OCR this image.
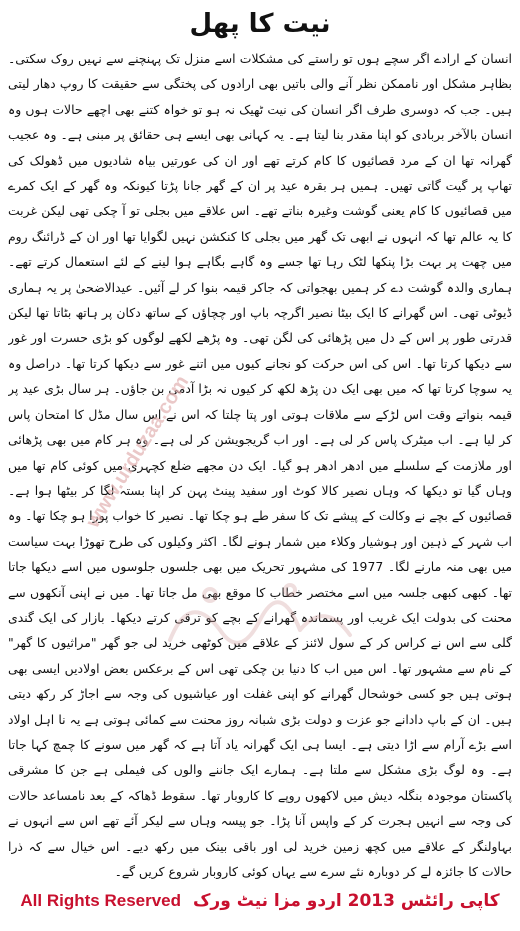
نیت کا پھل

انسان کے ارادے اگر سچے ہوں تو راستے کی مشکلات اسے منزل تک پہنچنے سے نہیں روک سکتی۔ بظاہر مشکل اور ناممکن نظر آنے والی باتیں بھی ارادوں کی پختگی سے حقیقت کا روپ دھار لیتی ہیں۔ جب کہ دوسری طرف اگر انسان کی نیت ٹھیک نہ ہو تو خواہ کتنے بھی اچھے حالات ہوں وہ انسان بالآخر بربادی کو اپنا مقدر بنا لیتا ہے۔ یہ کہانی بھی ایسے ہی حقائق پر مبنی ہے۔ وہ عجیب گھرانہ تھا ان کے مرد قصائیوں کا کام کرتے تھے اور ان کی عورتیں بیاہ شادیوں میں ڈھولک کی تھاپ پر گیت گاتی تھیں۔ ہمیں ہر بقرہ عید پر ان کے گھر جانا پڑتا کیونکہ وہ گھر کے ایک کمرے میں قصائیوں کا کام یعنی گوشت وغیرہ بناتے تھے۔ اس علاقے میں بجلی تو آ چکی تھی لیکن غربت کا یہ عالم تھا کہ انہوں نے ابھی تک گھر میں بجلی کا کنکشن نہیں لگوایا تھا اور ان کے ڈرائنگ روم میں چھت پر بہت بڑا پنکھا لٹک رہا تھا جسے وہ گاہے بگاہے ہوا لینے کے لئے استعمال کرتے تھے۔ ہماری والدہ گوشت دے کر ہمیں بھجواتی کہ جاکر قیمہ بنوا کر لے آئیں۔ عیدالاضحیٰ پر یہ ہماری ڈیوٹی تھی۔ اس گھرانے کا ایک بیٹا نصیر اگرچہ باپ اور چچاؤں کے ساتھ دکان پر ہاتھ بٹاتا تھا لیکن قدرتی طور پر اس کے دل میں پڑھائی کی لگن تھی۔ وہ پڑھے لکھے لوگوں کو بڑی حسرت اور غور سے دیکھا کرتا تھا۔ اس کی اس حرکت کو نجانے کیوں میں اتنے غور سے دیکھا کرتا تھا۔ دراصل وہ یہ سوچا کرتا تھا کہ میں بھی ایک دن پڑھ لکھ کر کیوں نہ بڑا آدمی بن جاؤں۔ ہر سال بڑی عید پر قیمہ بنواتے وقت اس لڑکے سے ملاقات ہوتی اور پتا چلتا کہ اس نے اس سال مڈل کا امتحان پاس کر لیا ہے۔ اب میٹرک پاس کر لی ہے۔ اور اب گریجویشن کر لی ہے۔ وہ ہر کام میں بھی پڑھائی اور ملازمت کے سلسلے میں ادھر ادھر ہو گیا۔ ایک دن مجھے ضلع کچہری میں کوئی کام تھا میں وہاں گیا تو دیکھا کہ وہاں نصیر کالا کوٹ اور سفید پینٹ پہن کر اپنا بستہ لگا کر بیٹھا ہوا ہے۔ قصائیوں کے بچے نے وکالت کے پیشے تک کا سفر طے ہو چکا تھا۔ نصیر کا خواب پورا ہو چکا تھا۔ وہ اب شہر کے ذہین اور ہوشیار وکلاء میں شمار ہونے لگا۔ اکثر وکیلوں کی طرح تھوڑا بہت سیاست میں بھی منہ مارنے لگا۔ 1977 کی مشہور تحریک میں بھی جلسوں جلوسوں میں اسے دیکھا جاتا تھا۔ کبھی کبھی جلسہ میں اسے مختصر خطاب کا موقع بھی مل جاتا تھا۔ میں نے اپنی آنکھوں سے محنت کی بدولت ایک غریب اور پسماندہ گھرانے کے بچے کو ترقی کرتے دیکھا۔ بازار کی ایک گندی گلی سے اس نے کراس کر کے سول لائنز کے علاقے میں کوٹھی خرید لی جو گھر "مراثیوں کا گھر" کے نام سے مشہور تھا۔ اس میں اب کا دنیا بن چکی تھی اس کے برعکس بعض اولادیں ایسی بھی ہوتی ہیں جو کسی خوشحال گھرانے کو اپنی غفلت اور عیاشیوں کی وجہ سے اجاڑ کر رکھ دیتی ہیں۔ ان کے باپ دادانے جو عزت و دولت بڑی شبانہ روز محنت سے کمائی ہوتی ہے یہ نا اہل اولاد اسے بڑے آرام سے اڑا دیتی ہے۔ ایسا ہی ایک گھرانہ یاد آتا ہے کہ گھر میں سونے کا چمچ کہا جاتا ہے۔ وہ لوگ بڑی مشکل سے ملتا ہے۔ ہمارے ایک جاننے والوں کی فیملی ہے جن کا مشرقی پاکستان موجودہ بنگلہ دیش میں لاکھوں روپے کا کاروبار تھا۔ سقوط ڈھاکہ کے بعد نامساعد حالات کی وجہ سے انہیں ہجرت کر کے واپس آنا پڑا۔ جو پیسہ وہاں سے لیکر آئے تھے اس سے انہوں نے بہاولنگر کے علاقے میں کچھ زمین خرید لی اور باقی بینک میں رکھ دیے۔ اس خیال سے کہ ذرا حالات کا جائزہ لے کر دوبارہ نئے سرے سے یہاں کوئی کاروبار شروع کریں گے۔

www.urduzaa.com
All Rights Reserved کاپی رائٹس 2013 اردو مزا نیٹ ورک
